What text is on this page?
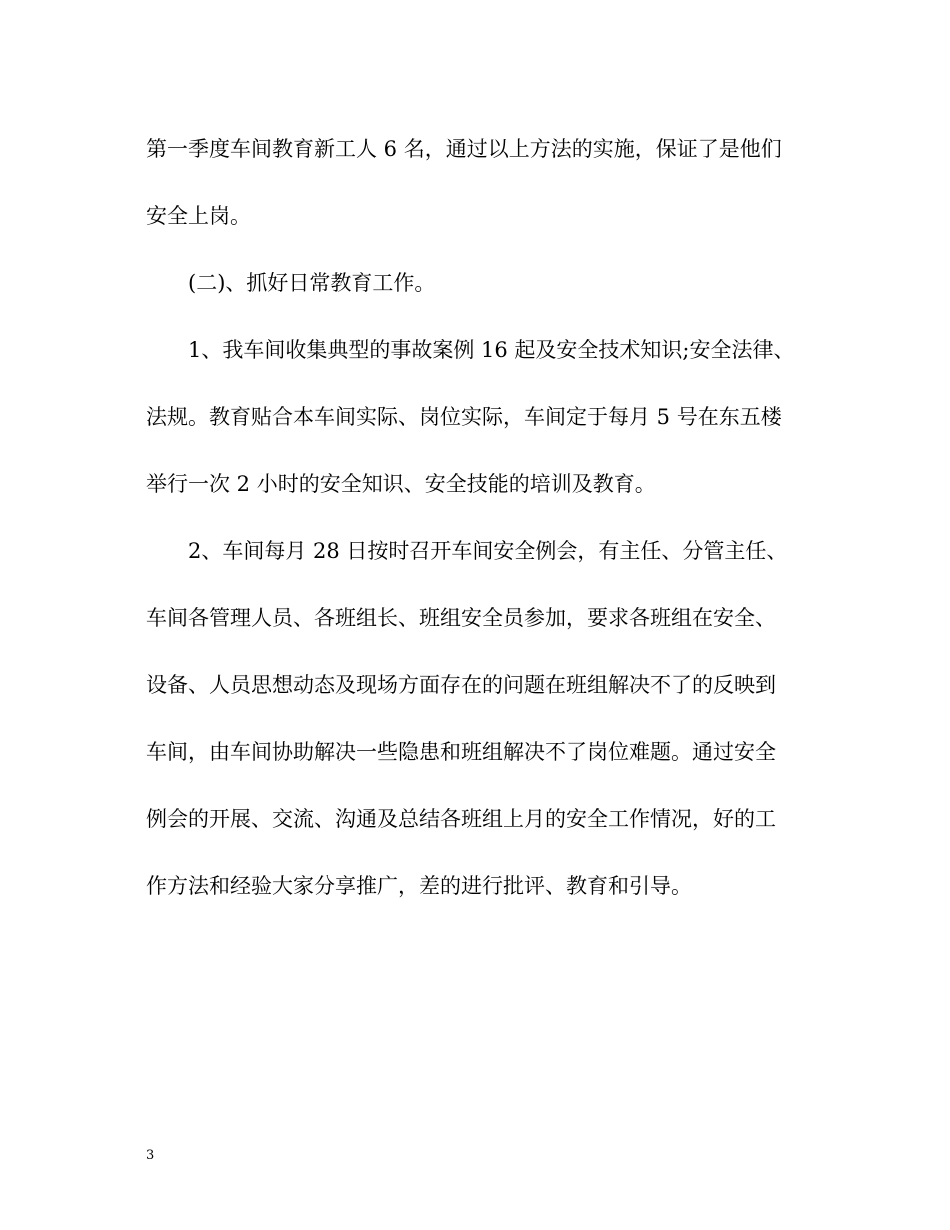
第一季度车间教育新工人 6 名，通过以上方法的实施，保证了是他们
安全上岗。
(二)、抓好日常教育工作。
1、我车间收集典型的事故案例 16 起及安全技术知识;安全法律、
法规。教育贴合本车间实际、岗位实际，车间定于每月 5 号在东五楼
举行一次 2 小时的安全知识、安全技能的培训及教育。
2、车间每月 28 日按时召开车间安全例会，有主任、分管主任、
车间各管理人员、各班组长、班组安全员参加，要求各班组在安全、
设备、人员思想动态及现场方面存在的问题在班组解决不了的反映到
车间，由车间协助解决一些隐患和班组解决不了岗位难题。通过安全
例会的开展、交流、沟通及总结各班组上月的安全工作情况，好的工
作方法和经验大家分享推广，差的进行批评、教育和引导。
3
